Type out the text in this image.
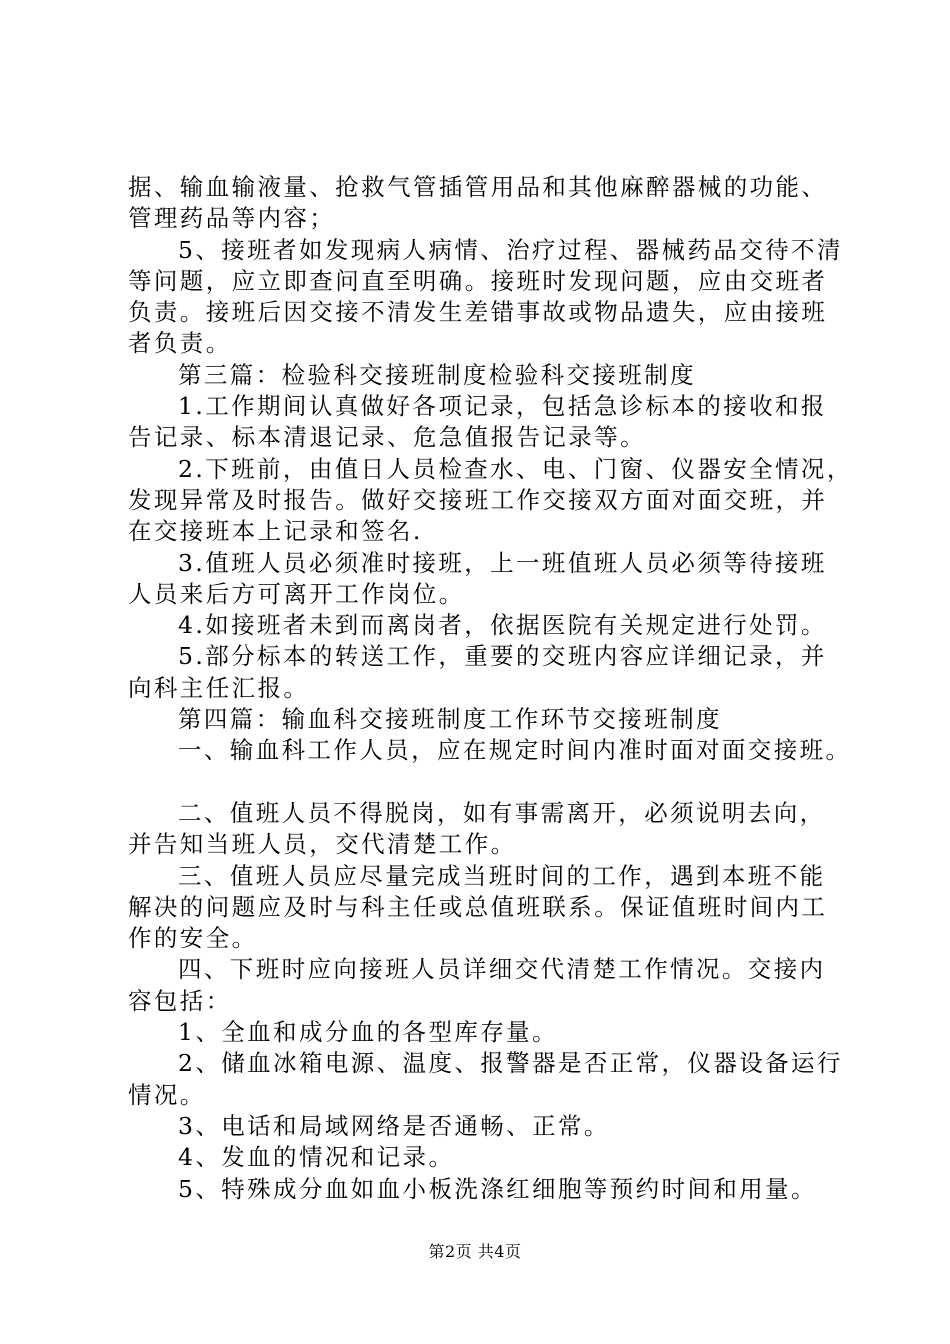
据、输血输液量、抢救气管插管用品和其他麻醉器械的功能、
管理药品等内容；
5、接班者如发现病人病情、治疗过程、器械药品交待不清
等问题，应立即查问直至明确。接班时发现问题，应由交班者
负责。接班后因交接不清发生差错事故或物品遗失，应由接班
者负责。
第三篇：检验科交接班制度检验科交接班制度
1.工作期间认真做好各项记录，包括急诊标本的接收和报
告记录、标本清退记录、危急值报告记录等。
2.下班前，由值日人员检查水、电、门窗、仪器安全情况，
发现异常及时报告。做好交接班工作交接双方面对面交班，并
在交接班本上记录和签名.
3.值班人员必须准时接班，上一班值班人员必须等待接班
人员来后方可离开工作岗位。
4.如接班者未到而离岗者，依据医院有关规定进行处罚。
5.部分标本的转送工作，重要的交班内容应详细记录，并
向科主任汇报。
第四篇：输血科交接班制度工作环节交接班制度
一、输血科工作人员，应在规定时间内准时面对面交接班。
二、值班人员不得脱岗，如有事需离开，必须说明去向，
并告知当班人员，交代清楚工作。
三、值班人员应尽量完成当班时间的工作，遇到本班不能
解决的问题应及时与科主任或总值班联系。保证值班时间内工
作的安全。
四、下班时应向接班人员详细交代清楚工作情况。交接内
容包括：
1、全血和成分血的各型库存量。
2、储血冰箱电源、温度、报警器是否正常，仪器设备运行
情况。
3、电话和局域网络是否通畅、正常。
4、发血的情况和记录。
5、特殊成分血如血小板洗涤红细胞等预约时间和用量。
第2页 共4页
